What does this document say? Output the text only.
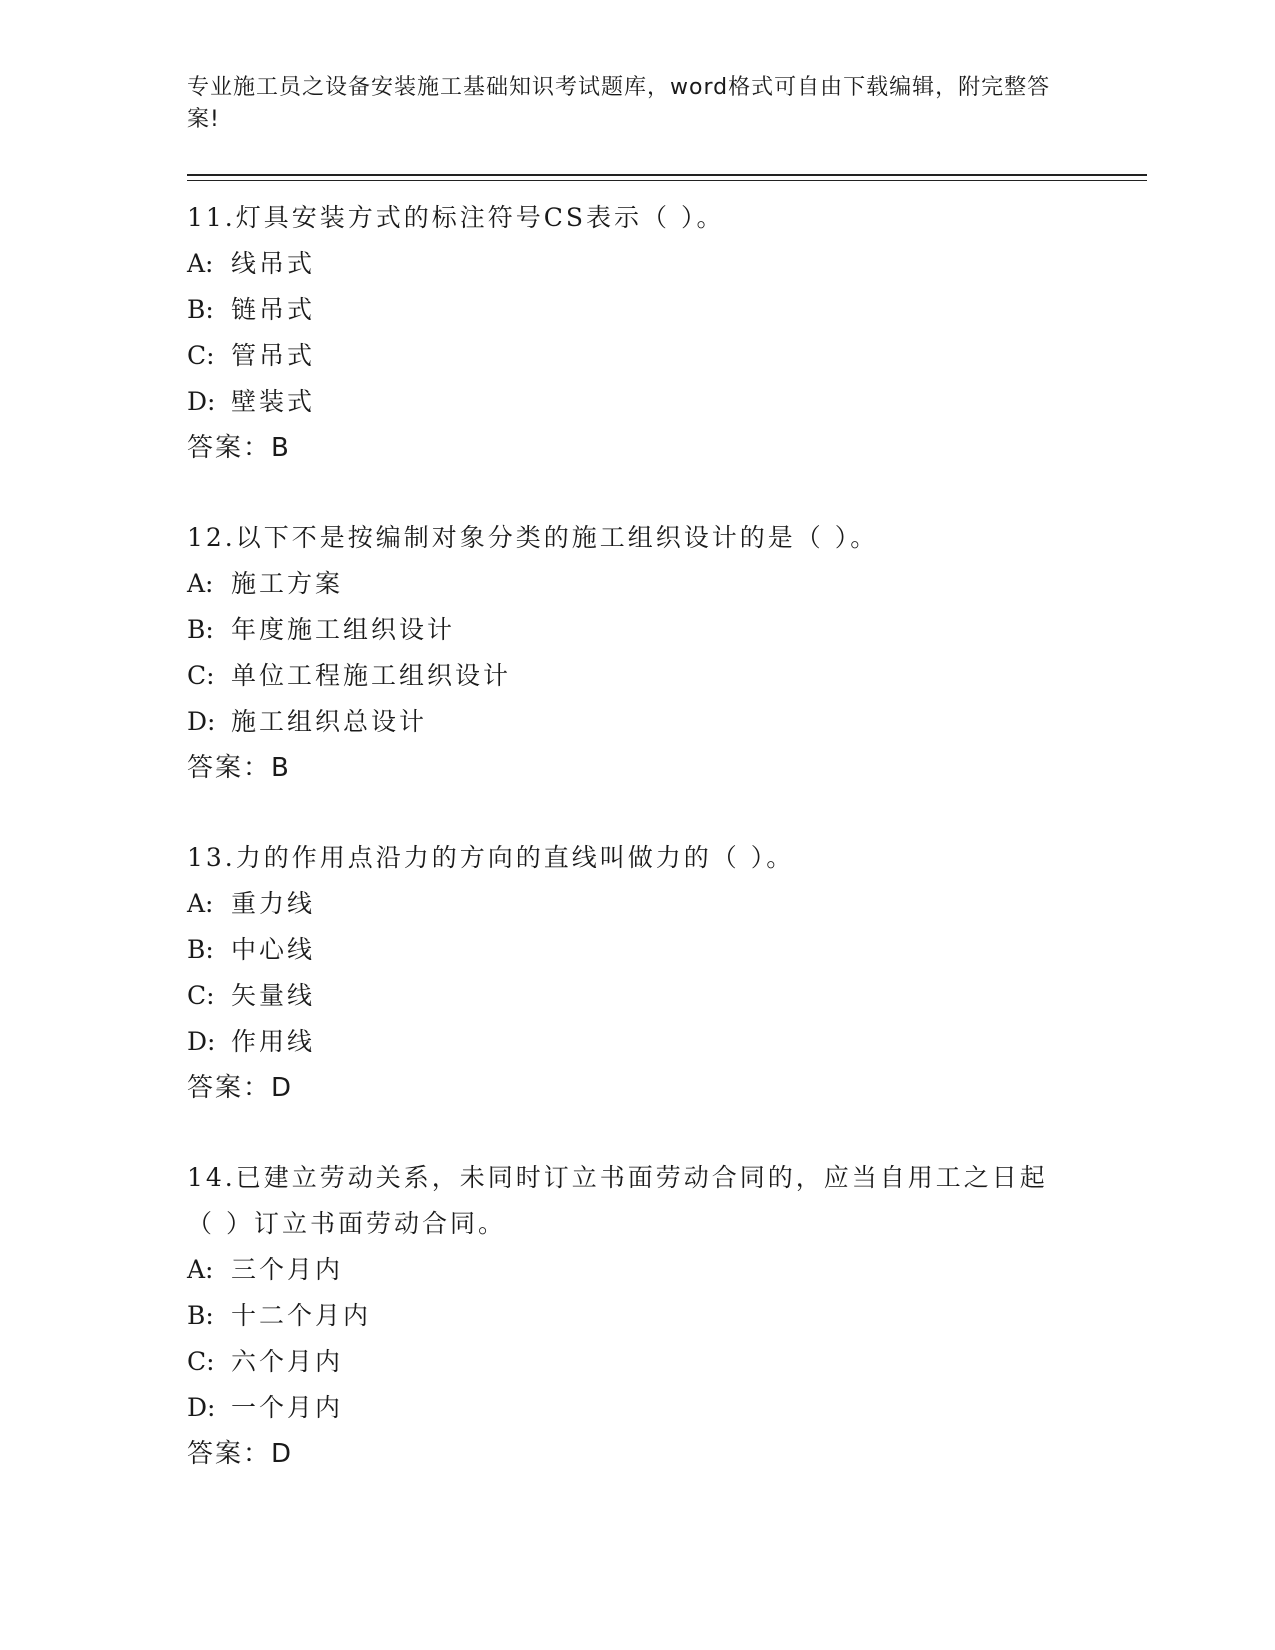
专业施工员之设备安装施工基础知识考试题库，word格式可自由下载编辑，附完整答案!

11.灯具安装方式的标注符号CS表示（ ）。

A: 线吊式
B: 链吊式
C: 管吊式
D: 壁装式

答案：B

12.以下不是按编制对象分类的施工组织设计的是（ ）。

A: 施工方案
B: 年度施工组织设计
C: 单位工程施工组织设计
D: 施工组织总设计

答案：B

13.力的作用点沿力的方向的直线叫做力的（ ）。

A: 重力线
B: 中心线
C: 矢量线
D: 作用线

答案：D

14.已建立劳动关系，未同时订立书面劳动合同的，应当自用工之日起（ ）订立书面劳动合同。

A: 三个月内
B: 十二个月内
C: 六个月内
D: 一个月内

答案：D
